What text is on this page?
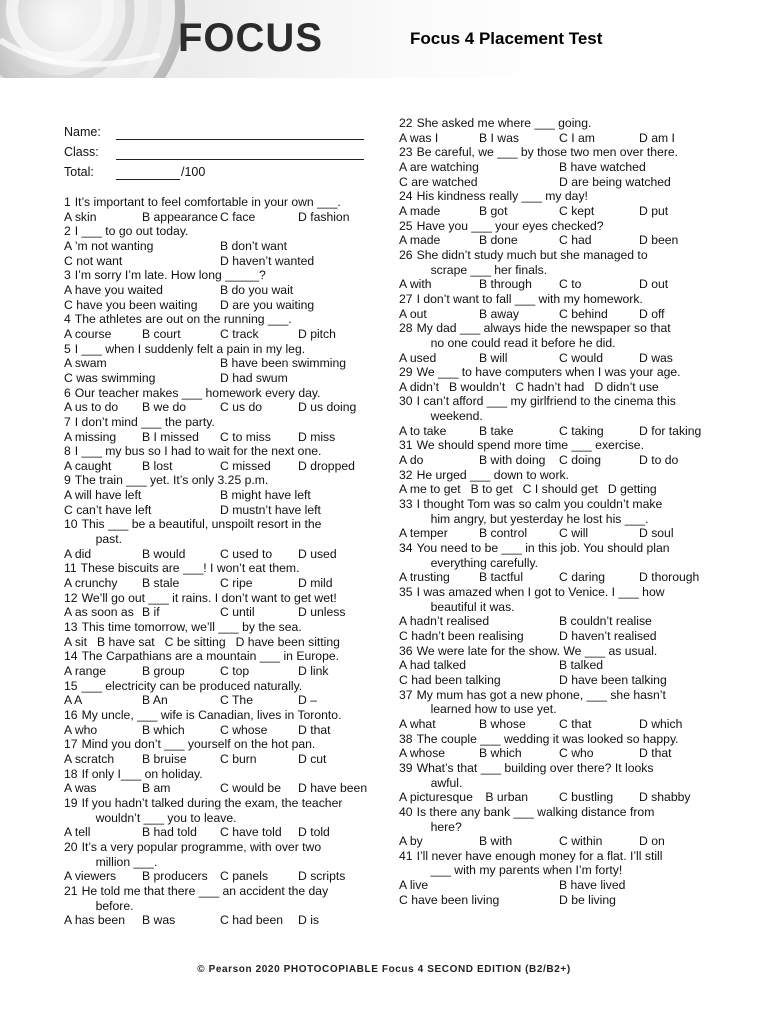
FOCUS	Focus 4 Placement Test
Name:
Class:
Total:	/100
1 It’s important to feel comfortable in your own ___.
A skin	B appearance C face	D fashion
2 I ___ to go out today.
A ’m not wanting	B don’t want
C not want	D haven’t wanted
3 I’m sorry I’m late. How long _____?
A have you waited	B do you wait
C have you been waiting	D are you waiting
4 The athletes are out on the running ___.
A course	B court	C track	D pitch
5 I ___ when I suddenly felt a pain in my leg.
A swam	B have been swimming
C was swimming	D had swum
6 Our teacher makes ___ homework every day.
A us to do	B we do	C us do	D us doing
7 I don’t mind ___ the party.
A missing	B I missed	C to miss	D miss
8 I ___ my bus so I had to wait for the next one.
A caught	B lost	C missed	D dropped
9 The train ___ yet. It’s only 3.25 p.m.
A will have left	B might have left
C can’t have left	D mustn’t have left
10 This ___ be a beautiful, unspoilt resort in the
past.
A did	B would	C used to	D used
11 These biscuits are ___! I won’t eat them.
A crunchy	B stale	C ripe	D mild
12 We’ll go out ___ it rains. I don’t want to get wet!
A as soon as B if	C until	D unless
13 This time tomorrow, we’ll ___ by the sea.
A sit B have sat C be sitting D have been sitting
14 The Carpathians are a mountain ___ in Europe.
A range	B group	C top	D link
15 ___ electricity can be produced naturally.
A A	B An	C The	D –
16 My uncle, ___ wife is Canadian, lives in Toronto.
A who	B which	C whose	D that
17 Mind you don’t ___ yourself on the hot pan.
A scratch	B bruise	C burn	D cut
18 If only I___ on holiday.
A was	B am	C would be	D have been
19 If you hadn’t talked during the exam, the teacher
wouldn’t ___ you to leave.
A tell	B had told	C have told	D told
20 It’s a very popular programme, with over two
million ___.
A viewers	B producers	C panels	D scripts
21 He told me that there ___ an accident the day
before.
A has been	B was	C had been	D is
22 She asked me where ___ going.
A was I	B I was	C I am	D am I
23 Be careful, we ___ by those two men over there.
A are watching	B have watched
C are watched	D are being watched
24 His kindness really ___ my day!
A made	B got	C kept	D put
25 Have you ___ your eyes checked?
A made	B done	C had	D been
26 She didn’t study much but she managed to
scrape ___ her finals.
A with	B through	C to	D out
27 I don’t want to fall ___ with my homework.
A out	B away	C behind	D off
28 My dad ___ always hide the newspaper so that
no one could read it before he did.
A used	B will	C would	D was
29 We ___ to have computers when I was your age.
A didn’t B wouldn’t C hadn’t had D didn’t use
30 I can’t afford ___ my girlfriend to the cinema this
weekend.
A to take	B take	C taking	D for taking
31 We should spend more time ___ exercise.
A do	B with doing	C doing	D to do
32 He urged ___ down to work.
A me to get B to get C I should get D getting
33 I thought Tom was so calm you couldn’t make
him angry, but yesterday he lost his ___.
A temper	B control	C will	D soul
34 You need to be ___ in this job. You should plan
everything carefully.
A trusting	B tactful	C daring	D thorough
35 I was amazed when I got to Venice. I ___ how
beautiful it was.
A hadn’t realised	B couldn’t realise
C hadn’t been realising	D haven’t realised
36 We were late for the show. We ___ as usual.
A had talked	B talked
C had been talking	D have been talking
37 My mum has got a new phone, ___ she hasn’t
learned how to use yet.
A what	B whose	C that	D which
38 The couple ___ wedding it was looked so happy.
A whose	B which	C who	D that
39 What’s that ___ building over there? It looks
awful.
A picturesque	B urban	C bustling	D shabby
40 Is there any bank ___ walking distance from
here?
A by	B with	C within	D on
41 I’ll never have enough money for a flat. I’ll still
___ with my parents when I’m forty!
A live	B have lived
C have been living	D be living
© Pearson 2020 PHOTOCOPIABLE Focus 4 SECOND EDITION (B2/B2+)
